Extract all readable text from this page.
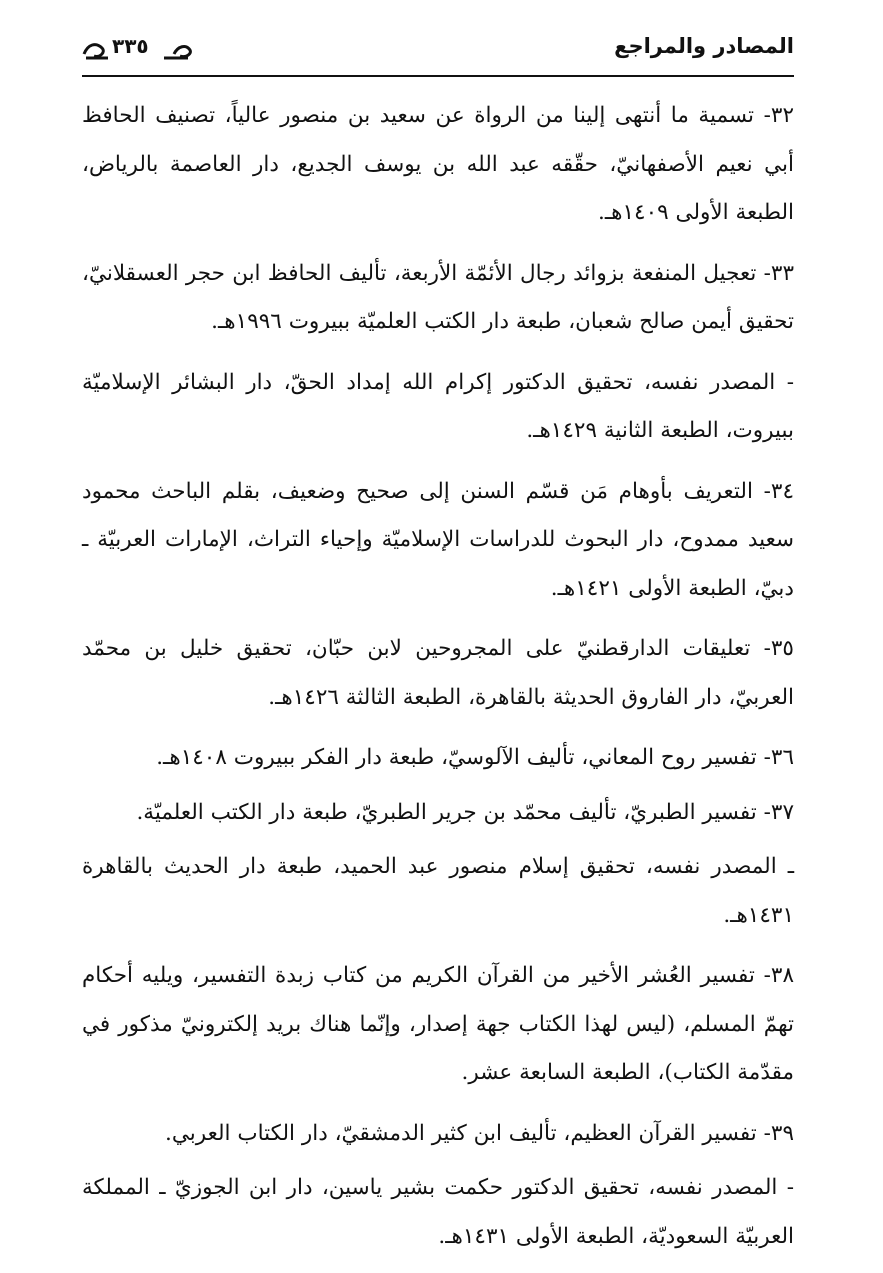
المصادر والمراجع
٣٣٥

٣٢- تسمية ما أنتهى إلينا من الرواة عن سعيد بن منصور عالياً، تصنيف الحافظ أبي نعيم الأصفهانيّ، حقّقه عبد الله بن يوسف الجديع، دار العاصمة بالرياض، الطبعة الأولى ١٤٠٩هـ.

٣٣- تعجيل المنفعة بزوائد رجال الأئمّة الأربعة، تأليف الحافظ ابن حجر العسقلانيّ، تحقيق أيمن صالح شعبان، طبعة دار الكتب العلميّة ببيروت ١٩٩٦هـ.

- المصدر نفسه، تحقيق الدكتور إكرام الله إمداد الحقّ، دار البشائر الإسلاميّة ببيروت، الطبعة الثانية ١٤٢٩هـ.

٣٤- التعريف بأوهام مَن قسّم السنن إلى صحيح وضعيف، بقلم الباحث محمود سعيد ممدوح، دار البحوث للدراسات الإسلاميّة وإحياء التراث، الإمارات العربيّة ـ دبيّ، الطبعة الأولى ١٤٢١هـ.

٣٥- تعليقات الدارقطنيّ على المجروحين لابن حبّان، تحقيق خليل بن محمّد العربيّ، دار الفاروق الحديثة بالقاهرة، الطبعة الثالثة ١٤٢٦هـ.

٣٦- تفسير روح المعاني، تأليف الآلوسيّ، طبعة دار الفكر ببيروت ١٤٠٨هـ.

٣٧- تفسير الطبريّ، تأليف محمّد بن جرير الطبريّ، طبعة دار الكتب العلميّة.

ـ المصدر نفسه، تحقيق إسلام منصور عبد الحميد، طبعة دار الحديث بالقاهرة ١٤٣١هـ.

٣٨- تفسير العُشر الأخير من القرآن الكريم من كتاب زبدة التفسير، ويليه أحكام تهمّ المسلم، (ليس لهذا الكتاب جهة إصدار، وإنّما هناك بريد إلكترونيّ مذكور في مقدّمة الكتاب)، الطبعة السابعة عشر.

٣٩- تفسير القرآن العظيم، تأليف ابن كثير الدمشقيّ، دار الكتاب العربي.

- المصدر نفسه، تحقيق الدكتور حكمت بشير ياسين، دار ابن الجوزيّ ـ المملكة العربيّة السعوديّة، الطبعة الأولى ١٤٣١هـ.
